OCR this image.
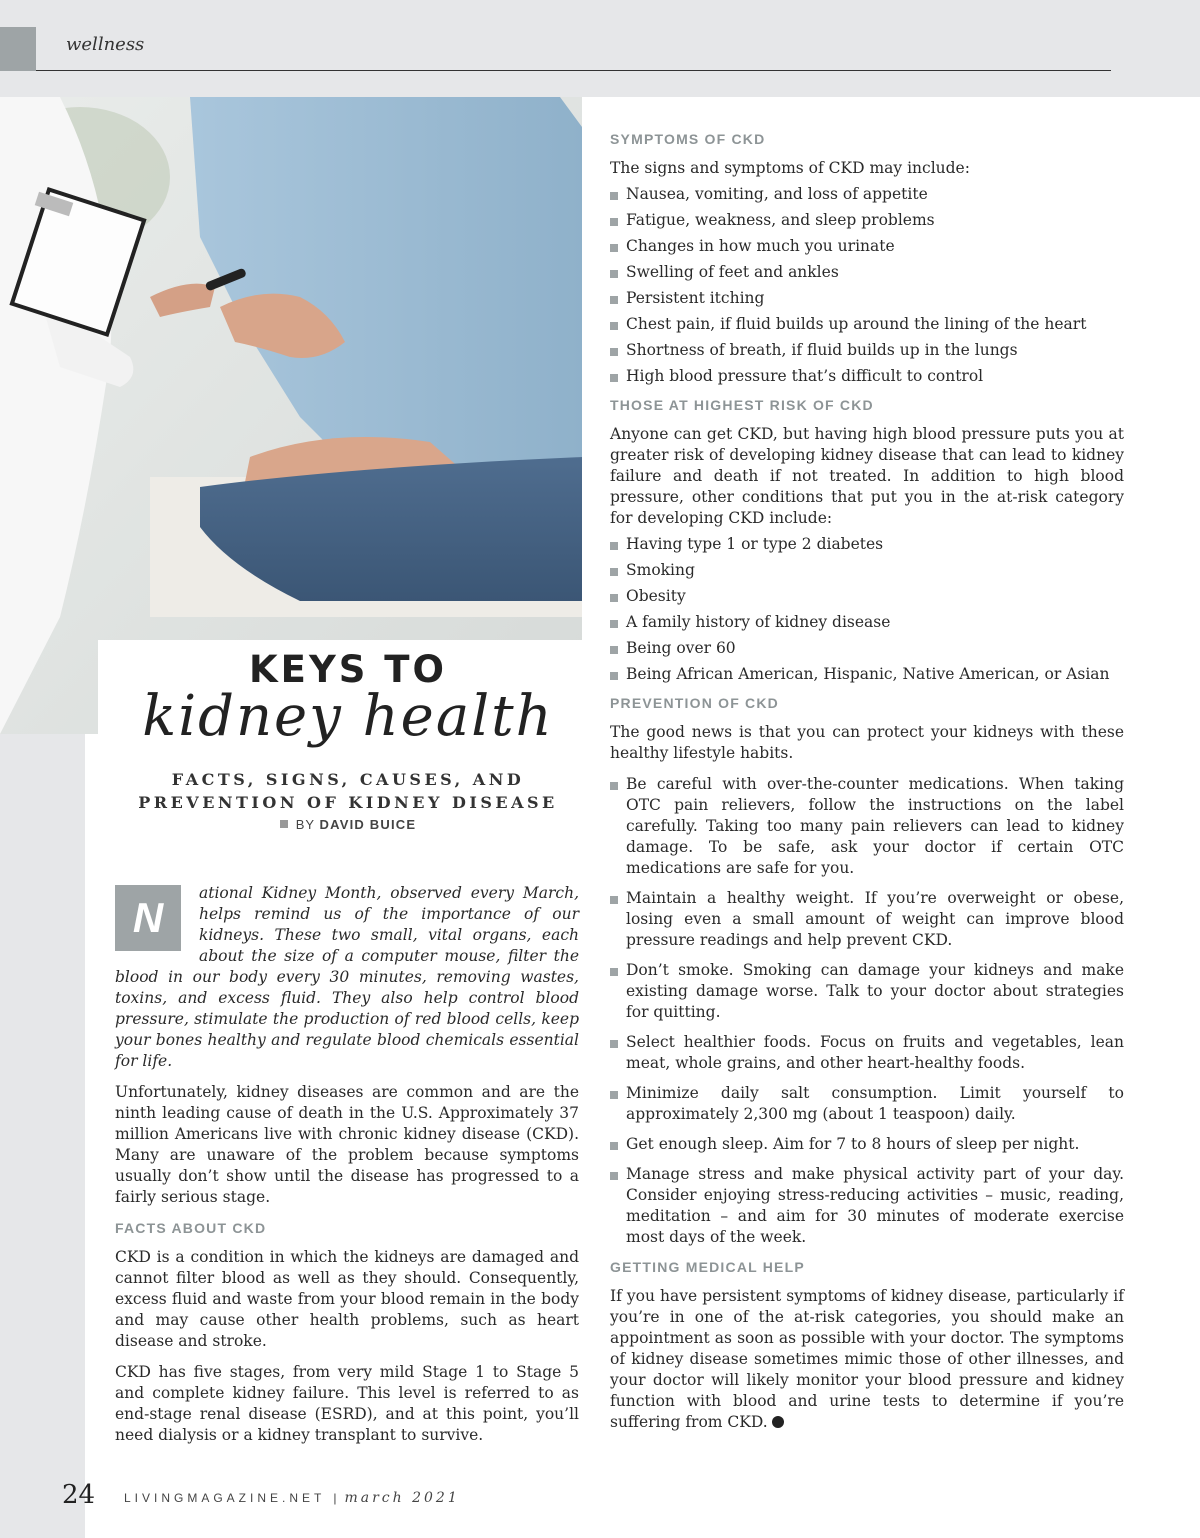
wellness
KEYS TO
kidney health
FACTS, SIGNS, CAUSES, AND
PREVENTION OF KIDNEY DISEASE
BY DAVID BUICE

N
ational Kidney Month, observed every March, helps remind us of the importance of our kidneys. These two small, vital organs, each about the size of a computer mouse, filter the blood in our body every 30 minutes, removing wastes, toxins, and excess fluid. They also help control blood pressure, stimulate the production of red blood cells, keep your bones healthy and regulate blood chemicals essential for life.

Unfortunately, kidney diseases are common and are the ninth leading cause of death in the U.S. Approximately 37 million Americans live with chronic kidney disease (CKD). Many are unaware of the problem because symptoms usually don’t show until the disease has progressed to a fairly serious stage.

FACTS ABOUT CKD

CKD is a condition in which the kidneys are damaged and cannot filter blood as well as they should. Consequently, excess fluid and waste from your blood remain in the body and may cause other health problems, such as heart disease and stroke.

CKD has five stages, from very mild Stage 1 to Stage 5 and complete kidney failure. This level is referred to as end-stage renal disease (ESRD), and at this point, you’ll need dialysis or a kidney transplant to survive.

SYMPTOMS OF CKD

The signs and symptoms of CKD may include:

Nausea, vomiting, and loss of appetite
Fatigue, weakness, and sleep problems
Changes in how much you urinate
Swelling of feet and ankles
Persistent itching
Chest pain, if fluid builds up around the lining of the heart
Shortness of breath, if fluid builds up in the lungs
High blood pressure that’s difficult to control
THOSE AT HIGHEST RISK OF CKD

Anyone can get CKD, but having high blood pressure puts you at greater risk of developing kidney disease that can lead to kidney failure and death if not treated. In addition to high blood pressure, other conditions that put you in the at-risk category for developing CKD include:

Having type 1 or type 2 diabetes
Smoking
Obesity
A family history of kidney disease
Being over 60
Being African American, Hispanic, Native American, or Asian
PREVENTION OF CKD

The good news is that you can protect your kidneys with these healthy lifestyle habits.

Be careful with over-the-counter medications. When taking OTC pain relievers, follow the instructions on the label carefully. Taking too many pain relievers can lead to kidney damage. To be safe, ask your doctor if certain OTC medications are safe for you.
Maintain a healthy weight. If you’re overweight or obese, losing even a small amount of weight can improve blood pressure readings and help prevent CKD.
Don’t smoke. Smoking can damage your kidneys and make existing damage worse. Talk to your doctor about strategies for quitting.
Select healthier foods. Focus on fruits and vegetables, lean meat, whole grains, and other heart-healthy foods.
Minimize daily salt consumption. Limit yourself to approximately 2,300 mg (about 1 teaspoon) daily.
Get enough sleep. Aim for 7 to 8 hours of sleep per night.
Manage stress and make physical activity part of your day. Consider enjoying stress-reducing activities – music, reading, meditation – and aim for 30 minutes of moderate exercise most days of the week.
GETTING MEDICAL HELP

If you have persistent symptoms of kidney disease, particularly if you’re in one of the at-risk categories, you should make an appointment as soon as possible with your doctor. The symptoms of kidney disease sometimes mimic those of other illnesses, and your doctor will likely monitor your blood pressure and kidney function with blood and urine tests to determine if you’re suffering from CKD.

24 LIVINGMAGAZINE.NET | march 2021
